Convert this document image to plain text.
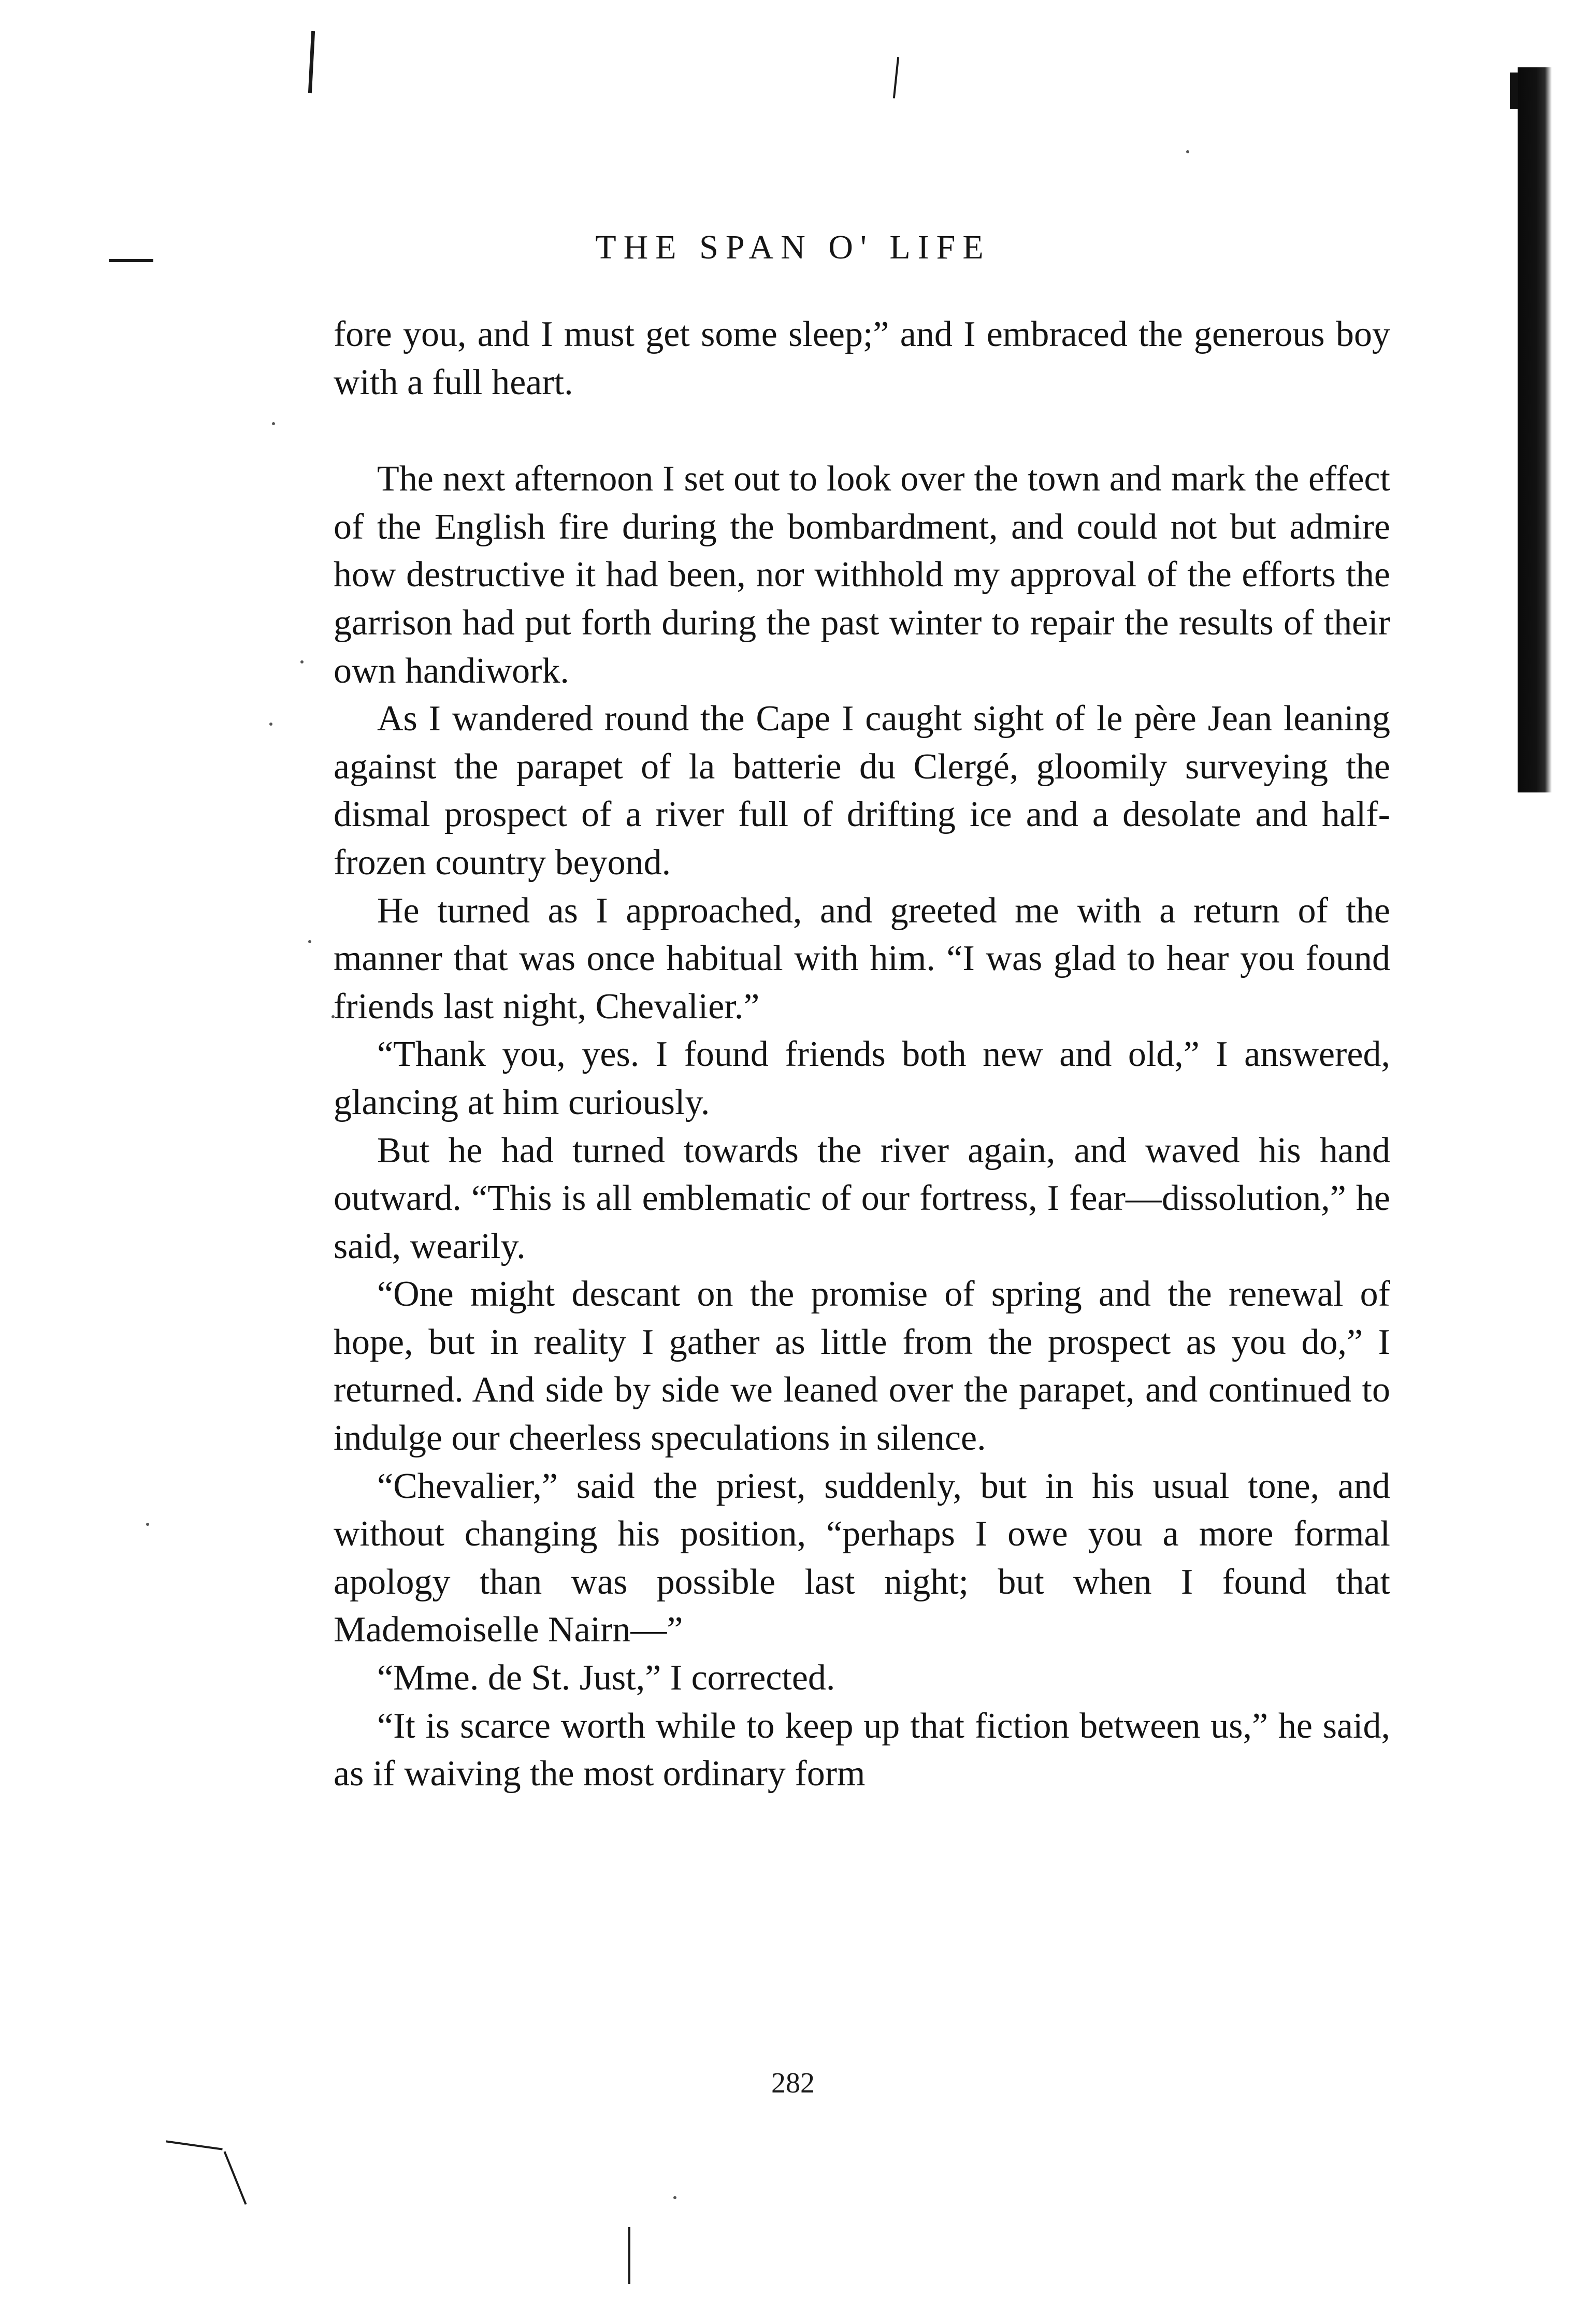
THE SPAN O' LIFE

fore you, and I must get some sleep;” and I embraced the generous boy with a full heart.

The next afternoon I set out to look over the town and mark the effect of the English fire during the bombardment, and could not but admire how destructive it had been, nor withhold my approval of the efforts the garrison had put forth during the past winter to repair the results of their own handiwork.

As I wandered round the Cape I caught sight of le père Jean leaning against the parapet of la batterie du Clergé, gloomily surveying the dismal prospect of a river full of drifting ice and a desolate and half-frozen country beyond.

He turned as I approached, and greeted me with a return of the manner that was once habitual with him. “I was glad to hear you found friends last night, Chevalier.”

“Thank you, yes. I found friends both new and old,” I answered, glancing at him curiously.

But he had turned towards the river again, and waved his hand outward. “This is all emblematic of our fortress, I fear—dissolution,” he said, wearily.

“One might descant on the promise of spring and the renewal of hope, but in reality I gather as little from the prospect as you do,” I returned. And side by side we leaned over the parapet, and continued to indulge our cheerless speculations in silence.

“Chevalier,” said the priest, suddenly, but in his usual tone, and without changing his position, “perhaps I owe you a more formal apology than was possible last night; but when I found that Mademoiselle Nairn—”

“Mme. de St. Just,” I corrected.

“It is scarce worth while to keep up that fiction between us,” he said, as if waiving the most ordinary form

282
